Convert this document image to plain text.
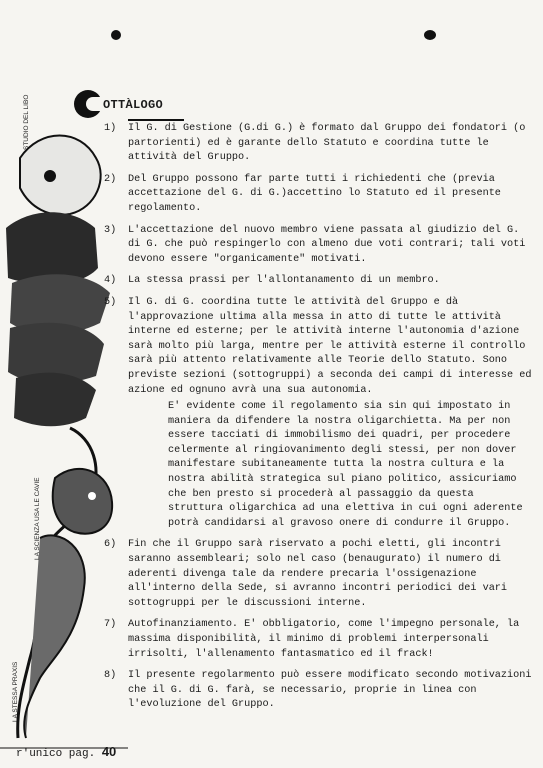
OTTÀLOGO
STUDIO DEL LIBO
LA STESSA PRAXIS
LA SCIENZA USA LE CAVIE
1)	Il G. di Gestione (G.di G.) è formato dal Gruppo dei fondatori (o partorienti) ed è garante dello Statuto e coordina tutte le attività del Gruppo.
2)	Del Gruppo possono far parte tutti i richiedenti che (previa accettazione del G. di G.)accettino lo Statuto ed il presente regolamento.
3)	L'accettazione del nuovo membro viene passata al giudizio del G. di G. che può respingerlo con almeno due voti contrari; tali voti devono essere "organicamente" motivati.
4)	La stessa prassi per l'allontanamento di un membro.
5)	Il G. di G. coordina tutte le attività del Gruppo e dà l'approvazione ultima alla messa in atto di tutte le attività interne ed esterne; per le attività interne l'autonomia d'azione sarà molto più larga, mentre per le attività esterne il controllo sarà più attento relativamente alle Teorie dello Statuto. Sono previste sezioni (sottogruppi) a seconda dei campi di interesse ed azione ed ognuno avrà una sua autonomia.
E' evidente come il regolamento sia sin qui impostato in maniera da difendere la nostra oligarchietta. Ma per non essere tacciati di immobilismo dei quadri, per procedere celermente al ringiovanimento degli stessi, per non dover manifestare subitaneamente tutta la nostra cultura e la nostra abilità strategica sul piano politico, assicuriamo che ben presto si procederà al passaggio da questa struttura oligarchica ad una elettiva in cui ogni aderente potrà candidarsi al gravoso onere di condurre il Gruppo.
6)	Fin che il Gruppo sarà riservato a pochi eletti, gli incontri saranno assembleari; solo nel caso (benaugurato) il numero di aderenti divenga tale da rendere precaria l'ossigenazione all'interno della Sede, si avranno incontri periodici dei vari sottogruppi per le discussioni interne.
7)	Autofinanziamento. E' obbligatorio, come l'impegno personale, la massima disponibilità, il minimo di problemi interpersonali irrisolti, l'allenamento fantasmatico ed il frack!
8)	Il presente regolarmento può essere modificato secondo motivazioni che il G. di G. farà, se necessario, proprie in linea con l'evoluzione del Gruppo.
r'unico pag. 40
